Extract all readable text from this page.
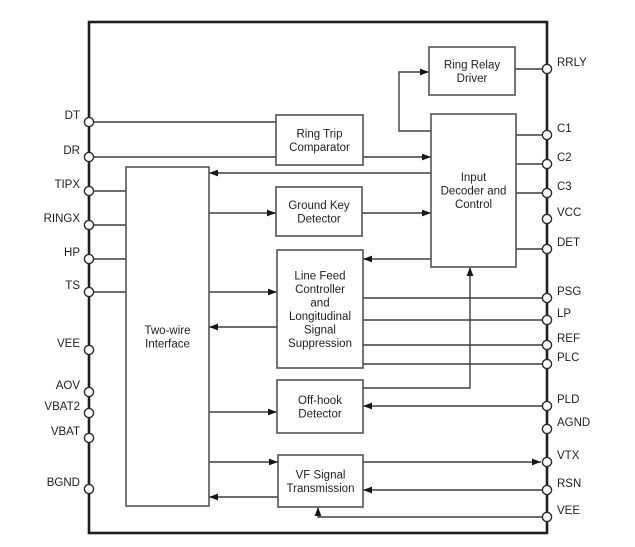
Ring Relay
Driver
Ring Trip
Comparator
Input
Decoder and
Control
Ground Key
Detector
Line Feed
Controller
and
Longitudinal
Signal
Suppression
Off-hook
Detector
VF Signal
Transmission
Two-wire
Interface
DT
DR
TIPX
RINGX
HP
TS
VEE
AOV
VBAT2
VBAT
BGND
RRLY
C1
C2
C3
VCC
DET
PSG
LP
REF
PLC
PLD
AGND
VTX
RSN
VEE
